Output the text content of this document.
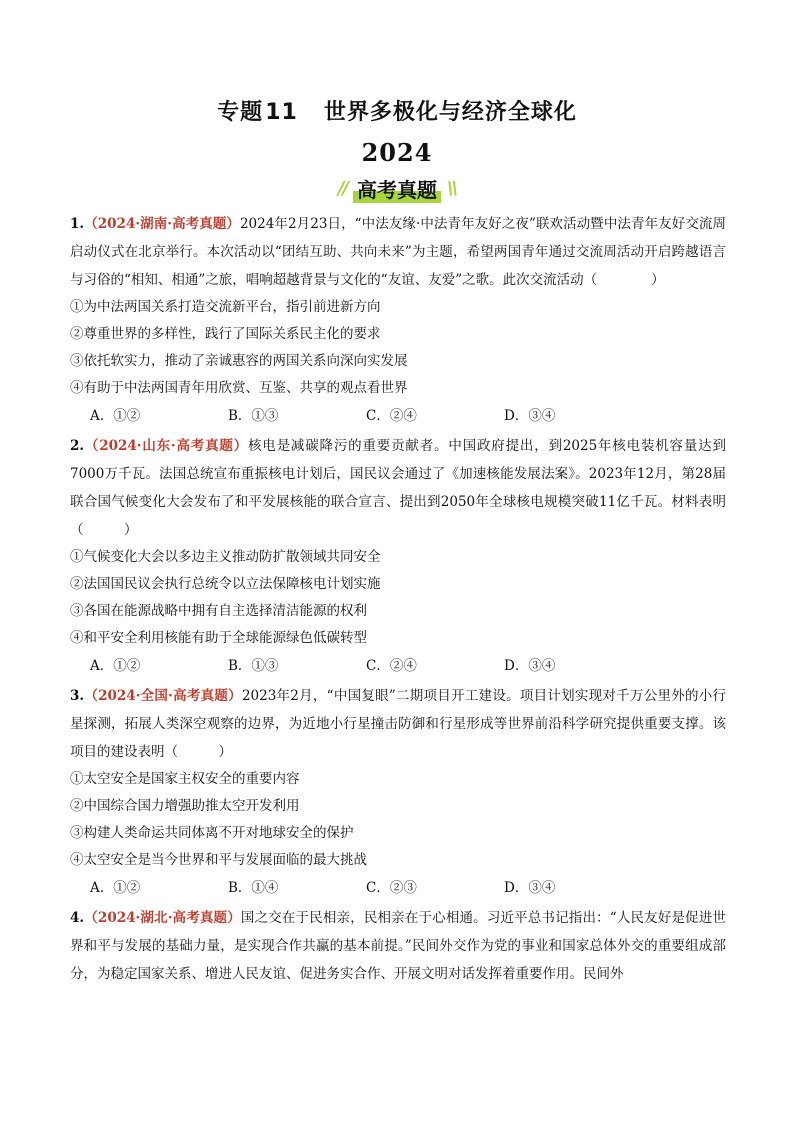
专题11 世界多极化与经济全球化
2024
// 高考真题 \\

1.（2024·湖南·高考真题）2024年2月23日，“中法友缘·中法青年友好之夜”联欢活动暨中法青年友好交流周启动仪式在北京举行。本次活动以“团结互助、共向未来”为主题，希望两国青年通过交流周活动开启跨越语言与习俗的“相知、相通”之旅，唱响超越背景与文化的“友谊、友爱”之歌。此次交流活动（　　　　）

①为中法两国关系打造交流新平台，指引前进新方向

②尊重世界的多样性，践行了国际关系民主化的要求

③依托软实力，推动了亲诚惠容的两国关系向深向实发展

④有助于中法两国青年用欣赏、互鉴、共享的观点看世界

A．①②	B．①③	C．②④	D．③④

2.（2024·山东·高考真题）核电是减碳降污的重要贡献者。中国政府提出，到2025年核电装机容量达到7000万千瓦。法国总统宣布重振核电计划后，国民议会通过了《加速核能发展法案》。2023年12月，第28届联合国气候变化大会发布了和平发展核能的联合宣言、提出到2050年全球核电规模突破11亿千瓦。材料表明（　　　）

①气候变化大会以多边主义推动防扩散领域共同安全

②法国国民议会执行总统令以立法保障核电计划实施

③各国在能源战略中拥有自主选择清洁能源的权利

④和平安全利用核能有助于全球能源绿色低碳转型

A．①②	B．①③	C．②④	D．③④

3.（2024·全国·高考真题）2023年2月，“中国复眼”二期项目开工建设。项目计划实现对千万公里外的小行星探测，拓展人类深空观察的边界，为近地小行星撞击防御和行星形成等世界前沿科学研究提供重要支撑。该项目的建设表明（　　　）

①太空安全是国家主权安全的重要内容

②中国综合国力增强助推太空开发利用

③构建人类命运共同体离不开对地球安全的保护

④太空安全是当今世界和平与发展面临的最大挑战

A．①②	B．①④	C．②③	D．③④

4.（2024·湖北·高考真题）国之交在于民相亲，民相亲在于心相通。习近平总书记指出：“人民友好是促进世界和平与发展的基础力量，是实现合作共赢的基本前提。”民间外交作为党的事业和国家总体外交的重要组成部分，为稳定国家关系、增进人民友谊、促进务实合作、开展文明对话发挥着重要作用。民间外
